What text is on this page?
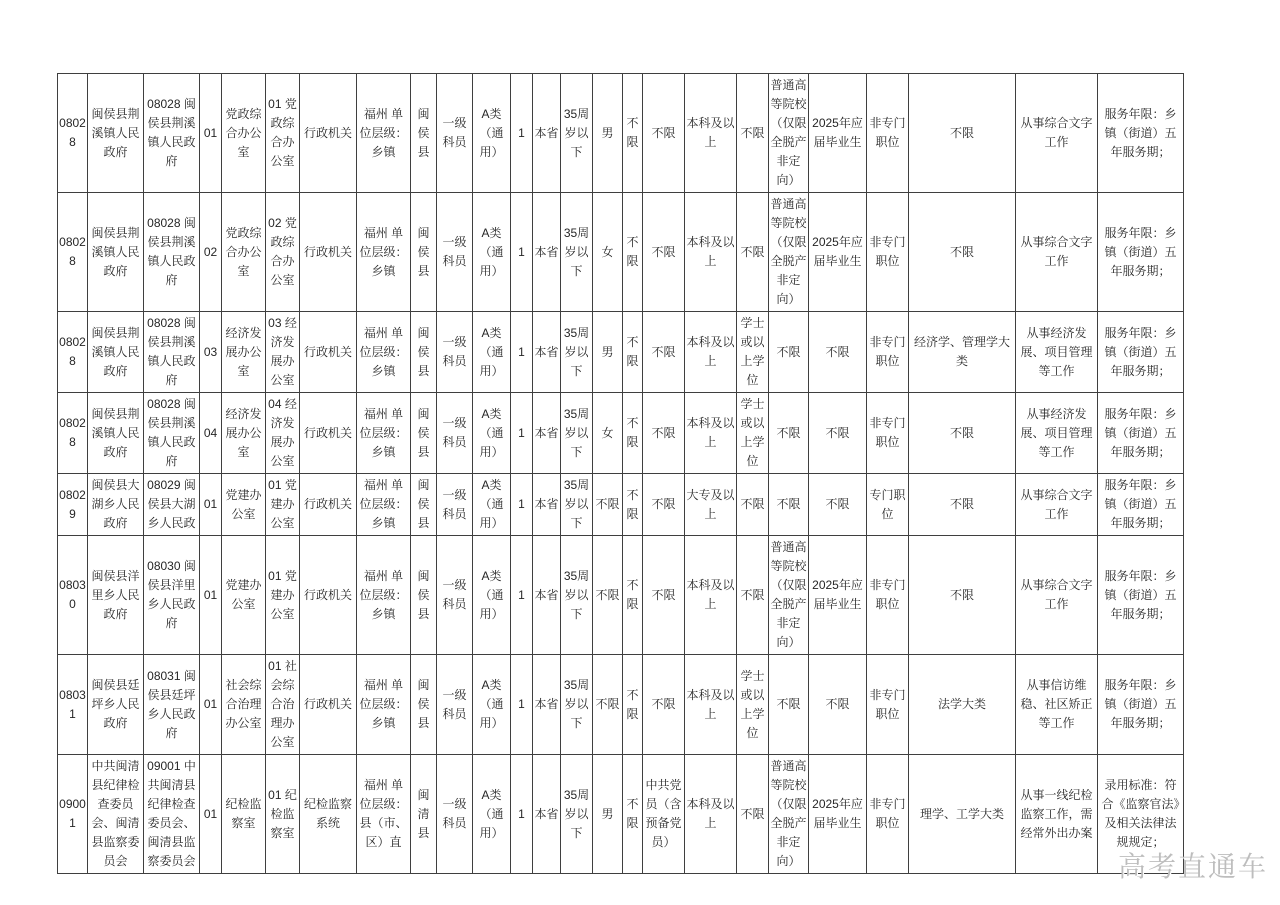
08028	闽侯县荆溪镇人民政府	08028 闽侯县荆溪镇人民政府	01	党政综合办公室	01 党政综合办公室	行政机关	福州 单位层级：乡镇	闽侯县	一级科员	A类（通用）	1	本省	35周岁以下	男	不限	不限	本科及以上	不限	普通高等院校（仅限全脱产非定向）	2025年应届毕业生	非专门职位	不限	从事综合文字工作	服务年限：乡镇（街道）五年服务期；
08028	闽侯县荆溪镇人民政府	08028 闽侯县荆溪镇人民政府	02	党政综合办公室	02 党政综合办公室	行政机关	福州 单位层级：乡镇	闽侯县	一级科员	A类（通用）	1	本省	35周岁以下	女	不限	不限	本科及以上	不限	普通高等院校（仅限全脱产非定向）	2025年应届毕业生	非专门职位	不限	从事综合文字工作	服务年限：乡镇（街道）五年服务期；
08028	闽侯县荆溪镇人民政府	08028 闽侯县荆溪镇人民政府	03	经济发展办公室	03 经济发展办公室	行政机关	福州 单位层级：乡镇	闽侯县	一级科员	A类（通用）	1	本省	35周岁以下	男	不限	不限	本科及以上	学士或以上学位	不限	不限	非专门职位	经济学、管理学大类	从事经济发展、项目管理等工作	服务年限：乡镇（街道）五年服务期；
08028	闽侯县荆溪镇人民政府	08028 闽侯县荆溪镇人民政府	04	经济发展办公室	04 经济发展办公室	行政机关	福州 单位层级：乡镇	闽侯县	一级科员	A类（通用）	1	本省	35周岁以下	女	不限	不限	本科及以上	学士或以上学位	不限	不限	非专门职位	不限	从事经济发展、项目管理等工作	服务年限：乡镇（街道）五年服务期；
08029	闽侯县大湖乡人民政府	08029 闽侯县大湖乡人民政	01	党建办公室	01 党建办公室	行政机关	福州 单位层级：乡镇	闽侯县	一级科员	A类（通用）	1	本省	35周岁以下	不限	不限	不限	大专及以上	不限	不限	不限	专门职位	不限	从事综合文字工作	服务年限：乡镇（街道）五年服务期；
08030	闽侯县洋里乡人民政府	08030 闽侯县洋里乡人民政府	01	党建办公室	01 党建办公室	行政机关	福州 单位层级：乡镇	闽侯县	一级科员	A类（通用）	1	本省	35周岁以下	不限	不限	不限	本科及以上	不限	普通高等院校（仅限全脱产非定向）	2025年应届毕业生	非专门职位	不限	从事综合文字工作	服务年限：乡镇（街道）五年服务期；
08031	闽侯县廷坪乡人民政府	08031 闽侯县廷坪乡人民政府	01	社会综合治理办公室	01 社会综合治理办公室	行政机关	福州 单位层级：乡镇	闽侯县	一级科员	A类（通用）	1	本省	35周岁以下	不限	不限	不限	本科及以上	学士或以上学位	不限	不限	非专门职位	法学大类	从事信访维稳、社区矫正等工作	服务年限：乡镇（街道）五年服务期；
09001	中共闽清县纪律检查委员会、闽清县监察委员会	09001 中共闽清县纪律检查委员会、闽清县监察委员会	01	纪检监察室	01 纪检监察室	纪检监察系统	福州 单位层级：县（市、区）直	闽清县	一级科员	A类（通用）	1	本省	35周岁以下	男	不限	中共党员（含预备党员）	本科及以上	不限	普通高等院校（仅限全脱产非定向）	2025年应届毕业生	非专门职位	理学、工学大类	从事一线纪检监察工作，需经常外出办案	录用标准：符合《监察官法》及相关法律法规规定；
高考直通车
